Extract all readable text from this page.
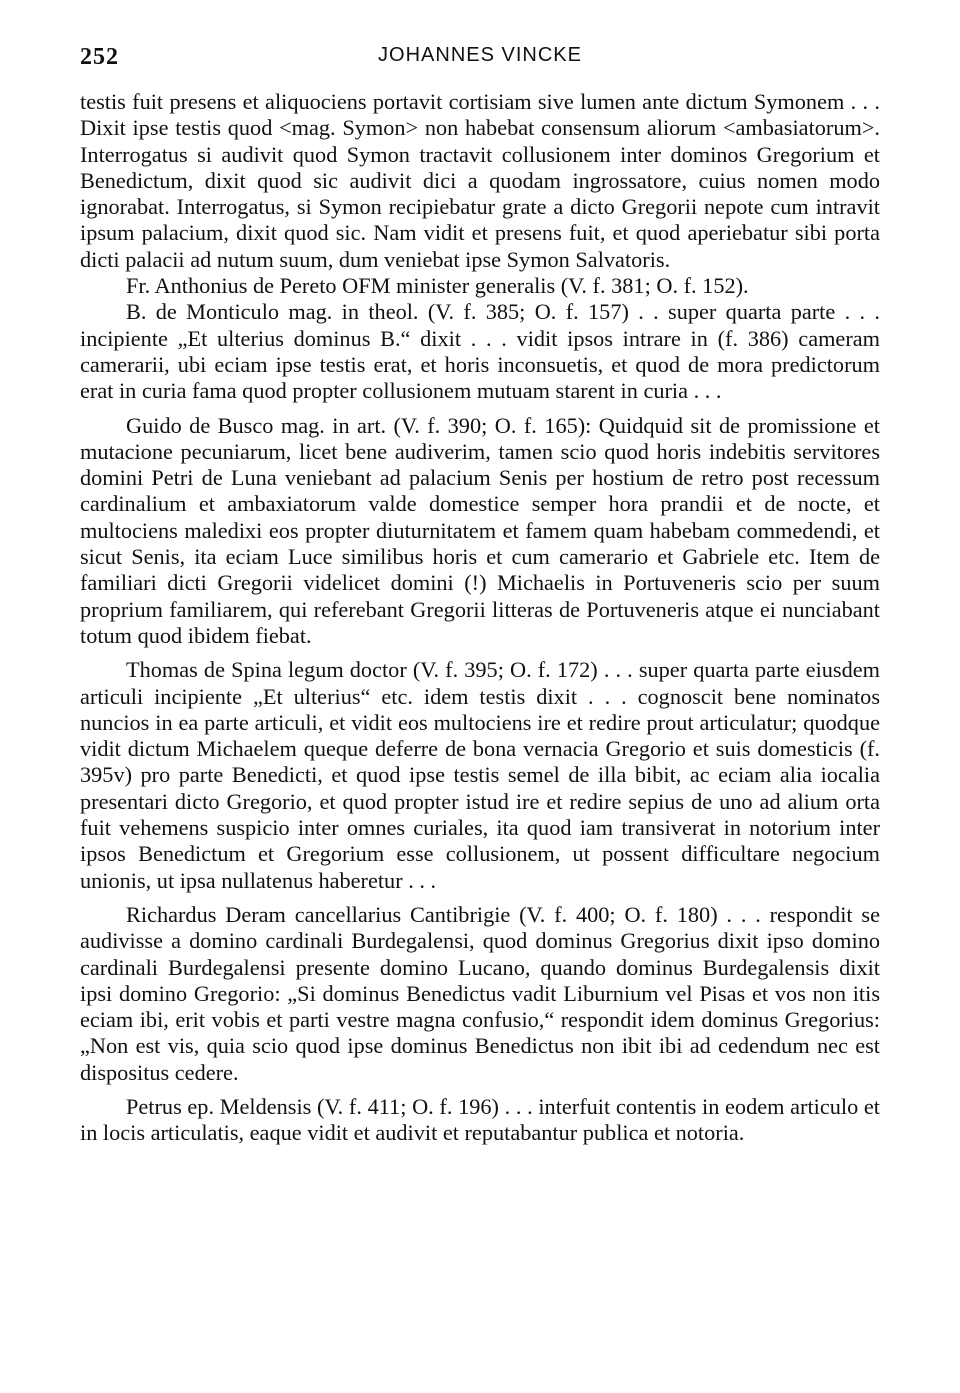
252	JOHANNES VINCKE

testis fuit presens et aliquociens portavit cortisiam sive lumen ante dictum Symonem . . . Dixit ipse testis quod <mag. Symon> non habebat consensum aliorum <ambasiatorum>. Interrogatus si audivit quod Symon tractavit collusionem inter dominos Gregorium et Benedictum, dixit quod sic audivit dici a quodam ingrossatore, cuius nomen modo ignorabat. Interrogatus, si Symon recipiebatur grate a dicto Gregorii nepote cum intravit ipsum palacium, dixit quod sic. Nam vidit et presens fuit, et quod aperiebatur sibi porta dicti palacii ad nutum suum, dum veniebat ipse Symon Salvatoris.

Fr. Anthonius de Pereto OFM minister generalis (V. f. 381; O. f. 152).

B. de Monticulo mag. in theol. (V. f. 385; O. f. 157) . . super quarta parte . . . incipiente „Et ulterius dominus B.“ dixit . . . vidit ipsos intrare in (f. 386) cameram camerarii, ubi eciam ipse testis erat, et horis inconsuetis, et quod de mora predictorum erat in curia fama quod propter collusionem mutuam starent in curia . . .

Guido de Busco mag. in art. (V. f. 390; O. f. 165): Quidquid sit de promissione et mutacione pecuniarum, licet bene audiverim, tamen scio quod horis indebitis servitores domini Petri de Luna veniebant ad palacium Senis per hostium de retro post recessum cardinalium et ambaxiatorum valde domestice semper hora prandii et de nocte, et multociens maledixi eos propter diuturnitatem et famem quam habebam commedendi, et sicut Senis, ita eciam Luce similibus horis et cum camerario et Gabriele etc. Item de familiari dicti Gregorii videlicet domini (!) Michaelis in Portuveneris scio per suum proprium familiarem, qui referebant Gregorii litteras de Portuveneris atque ei nunciabant totum quod ibidem fiebat.

Thomas de Spina legum doctor (V. f. 395; O. f. 172) . . . super quarta parte eiusdem articuli incipiente „Et ulterius“ etc. idem testis dixit . . . cognoscit bene nominatos nuncios in ea parte articuli, et vidit eos multociens ire et redire prout articulatur; quodque vidit dictum Michaelem queque deferre de bona vernacia Gregorio et suis domesticis (f. 395v) pro parte Benedicti, et quod ipse testis semel de illa bibit, ac eciam alia iocalia presentari dicto Gregorio, et quod propter istud ire et redire sepius de uno ad alium orta fuit vehemens suspicio inter omnes curiales, ita quod iam transiverat in notorium inter ipsos Benedictum et Gregorium esse collusionem, ut possent difficultare negocium unionis, ut ipsa nullatenus haberetur . . .

Richardus Deram cancellarius Cantibrigie (V. f. 400; O. f. 180) . . . respondit se audivisse a domino cardinali Burdegalensi, quod dominus Gregorius dixit ipso domino cardinali Burdegalensi presente domino Lucano, quando dominus Burdegalensis dixit ipsi domino Gregorio: „Si dominus Benedictus vadit Liburnium vel Pisas et vos non itis eciam ibi, erit vobis et parti vestre magna confusio,“ respondit idem dominus Gregorius: „Non est vis, quia scio quod ipse dominus Benedictus non ibit ibi ad cedendum nec est dispositus cedere.

Petrus ep. Meldensis (V. f. 411; O. f. 196) . . . interfuit contentis in eodem articulo et in locis articulatis, eaque vidit et audivit et reputabantur publica et notoria.
